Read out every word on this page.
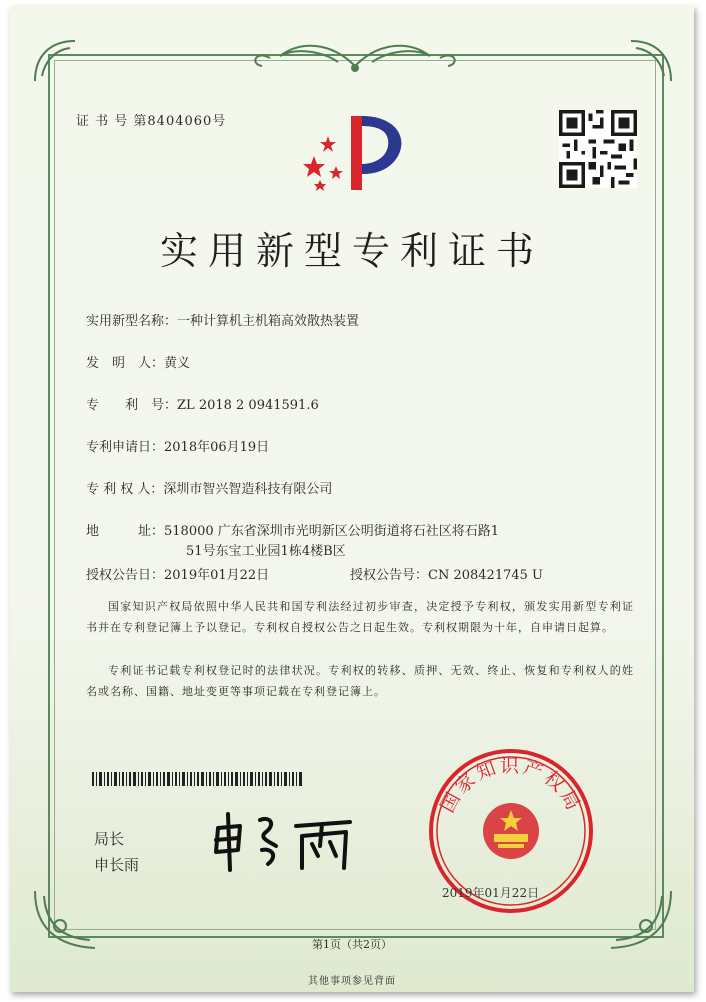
证 书 号 第8404060号
实用新型专利证书
实用新型名称：一种计算机主机箱高效散热装置
发　明　人：黄义
专　　利　号：ZL 2018 2 0941591.6
专利申请日：2018年06月19日
专 利 权 人：深圳市智兴智造科技有限公司
地　　　址：518000 广东省深圳市光明新区公明街道将石社区将石路1
51号东宝工业园1栋4楼B区
授权公告日：2019年01月22日	授权公告号：CN 208421745 U
国家知识产权局依照中华人民共和国专利法经过初步审查，决定授予专利权，颁发实用新型专利证书并在专利登记簿上予以登记。专利权自授权公告之日起生效。专利权期限为十年，自申请日起算。
专利证书记载专利权登记时的法律状况。专利权的转移、质押、无效、终止、恢复和专利权人的姓名或名称、国籍、地址变更等事项记载在专利登记簿上。
局长
申长雨
国家知识产权局
2019年01月22日
第1页（共2页）
其他事项参见背面
